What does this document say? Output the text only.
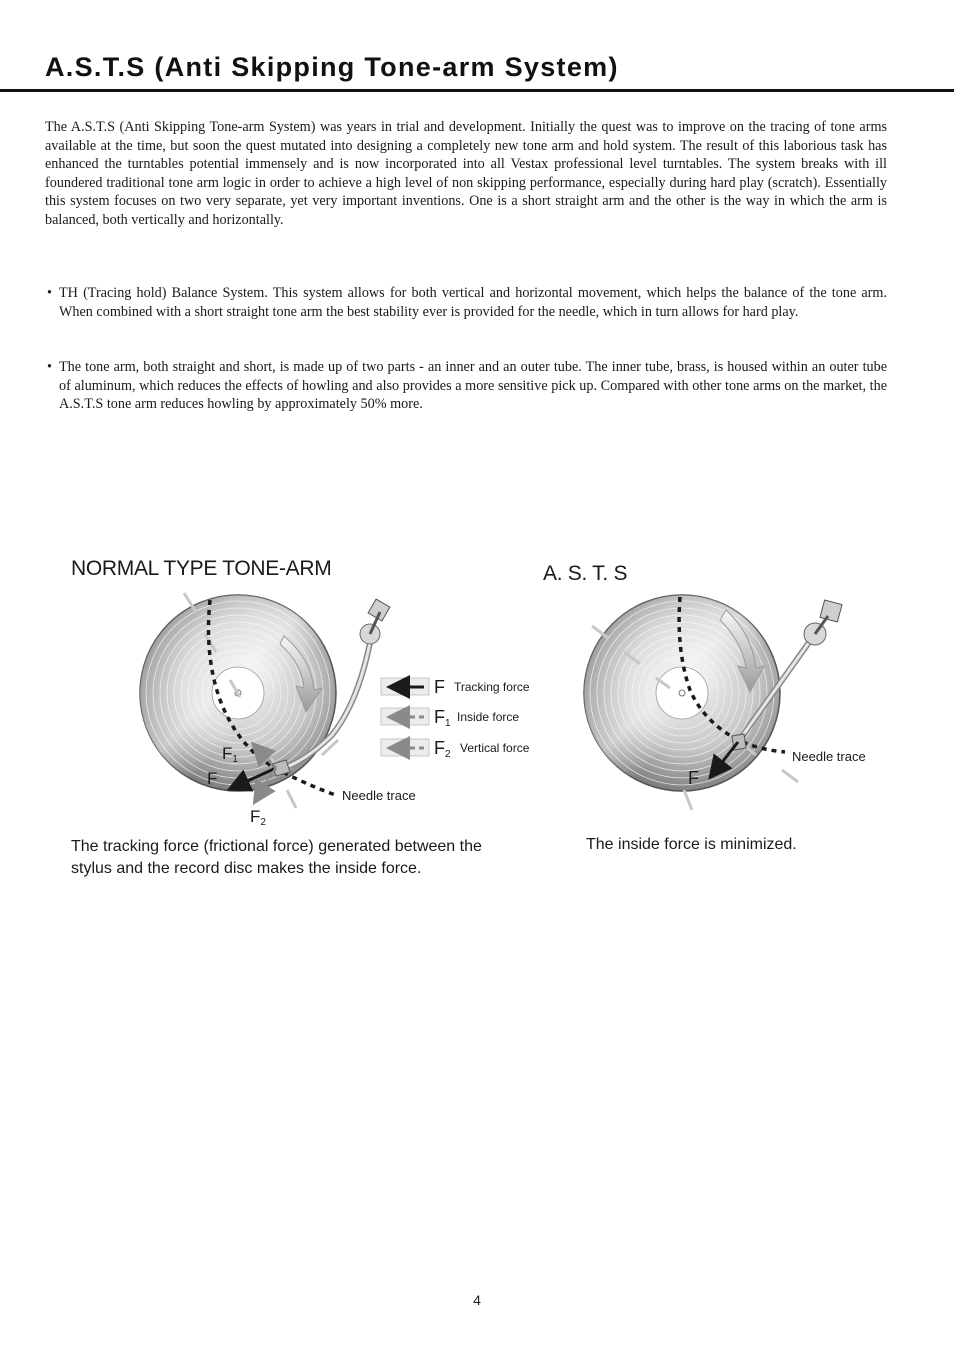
A.S.T.S (Anti Skipping Tone-arm System)

The A.S.T.S (Anti Skipping Tone-arm System) was years in trial and development. Initially the quest was to improve on the tracing of tone arms available at the time, but soon the quest mutated into designing a completely new tone arm and hold system. The result of this laborious task has enhanced the turntables potential immensely and is now incorporated into all Vestax professional level turntables. The system breaks with ill foundered traditional tone arm logic in order to achieve a high level of non skipping performance, especially during hard play (scratch). Essentially this system focuses on two very separate, yet very important inventions. One is a short straight arm and the other is the way in which the arm is balanced, both vertically and horizontally.

• TH (Tracing hold) Balance System. This system allows for both vertical and horizontal movement, which helps the balance of the tone arm. When combined with a short straight tone arm the best stability ever is provided for the needle, which in turn allows for hard play.
• The tone arm, both straight and short, is made up of two parts - an inner and an outer tube. The inner tube, brass, is housed within an outer tube of aluminum, which reduces the effects of howling and also provides a more sensitive pick up. Compared with other tone arms on the market, the A.S.T.S tone arm reduces howling by approximately 50% more.
NORMAL TYPE TONE-ARM	A. S. T. S
F1
F
F2
Needle trace
F Tracking force
F1 Inside force
F2 Vertical force
F
Needle trace
The tracking force (frictional force) generated between the stylus and the record disc makes the inside force.
The inside force is minimized.
4
